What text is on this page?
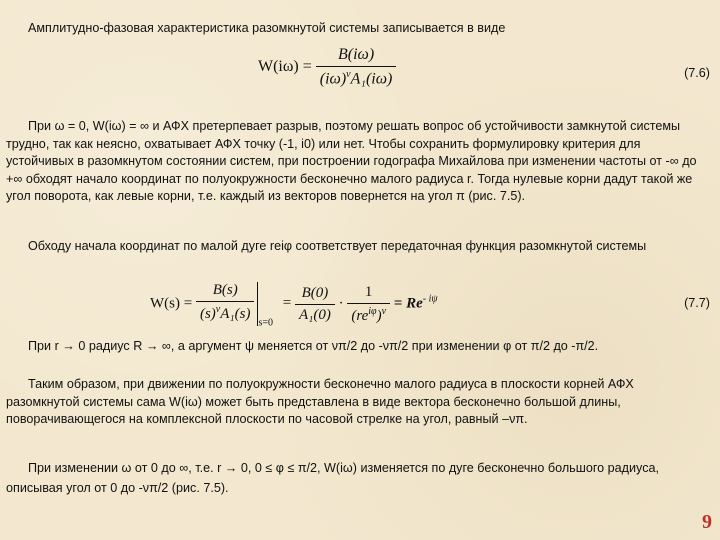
Амплитудно-фазовая характеристика разомкнутой системы записывается в виде

$W(i\omega) = \frac{B(i\omega)}{(i\omega)^\nu A_1(i\omega)}$	(7.6)

При ω = 0, W(iω) = ∞ и АФХ претерпевает разрыв, поэтому решать вопрос об устойчивости замкнутой системы трудно, так как неясно, охватывает АФХ точку (-1, i0) или нет. Чтобы сохранить формулировку критерия для устойчивых в разомкнутом состоянии систем, при построении годографа Михайлова при изменении частоты от -∞ до +∞ обходят начало координат по полуокружности бесконечно малого радиуса r. Тогда нулевые корни дадут такой же угол поворота, как левые корни, т.е. каждый из векторов повернется на угол π (рис. 7.5).

Обходу начала координат по малой дуге reiφ соответствует передаточная функция разомкнутой системы

$W(s) = \frac{B(s)}{(s)^\nu A_1(s)} _{s=0} = \frac{B(0)}{\text{A₁(0)}} \cdot \frac{1}{(re^{i\varphi})^\nu} = Re^{- i\psi}$	(7.7)

При r → 0 радиус R → ∞, а аргумент ψ меняется от νπ/2 до -νπ/2 при изменении φ от π/2 до -π/2.

Таким образом, при движении по полуокружности бесконечно малого радиуса в плоскости корней АФХ разомкнутой системы сама W(iω) может быть представлена в виде вектора бесконечно большой длины, поворачивающегося на комплексной плоскости по часовой стрелке на угол, равный –νπ.

При изменении ω от 0 до ∞, т.е. r → 0, 0 ≤ φ ≤ π/2, W(iω) изменяется по дуге бесконечно большого радиуса, описывая угол от 0 до -νπ/2 (рис. 7.5).

9
